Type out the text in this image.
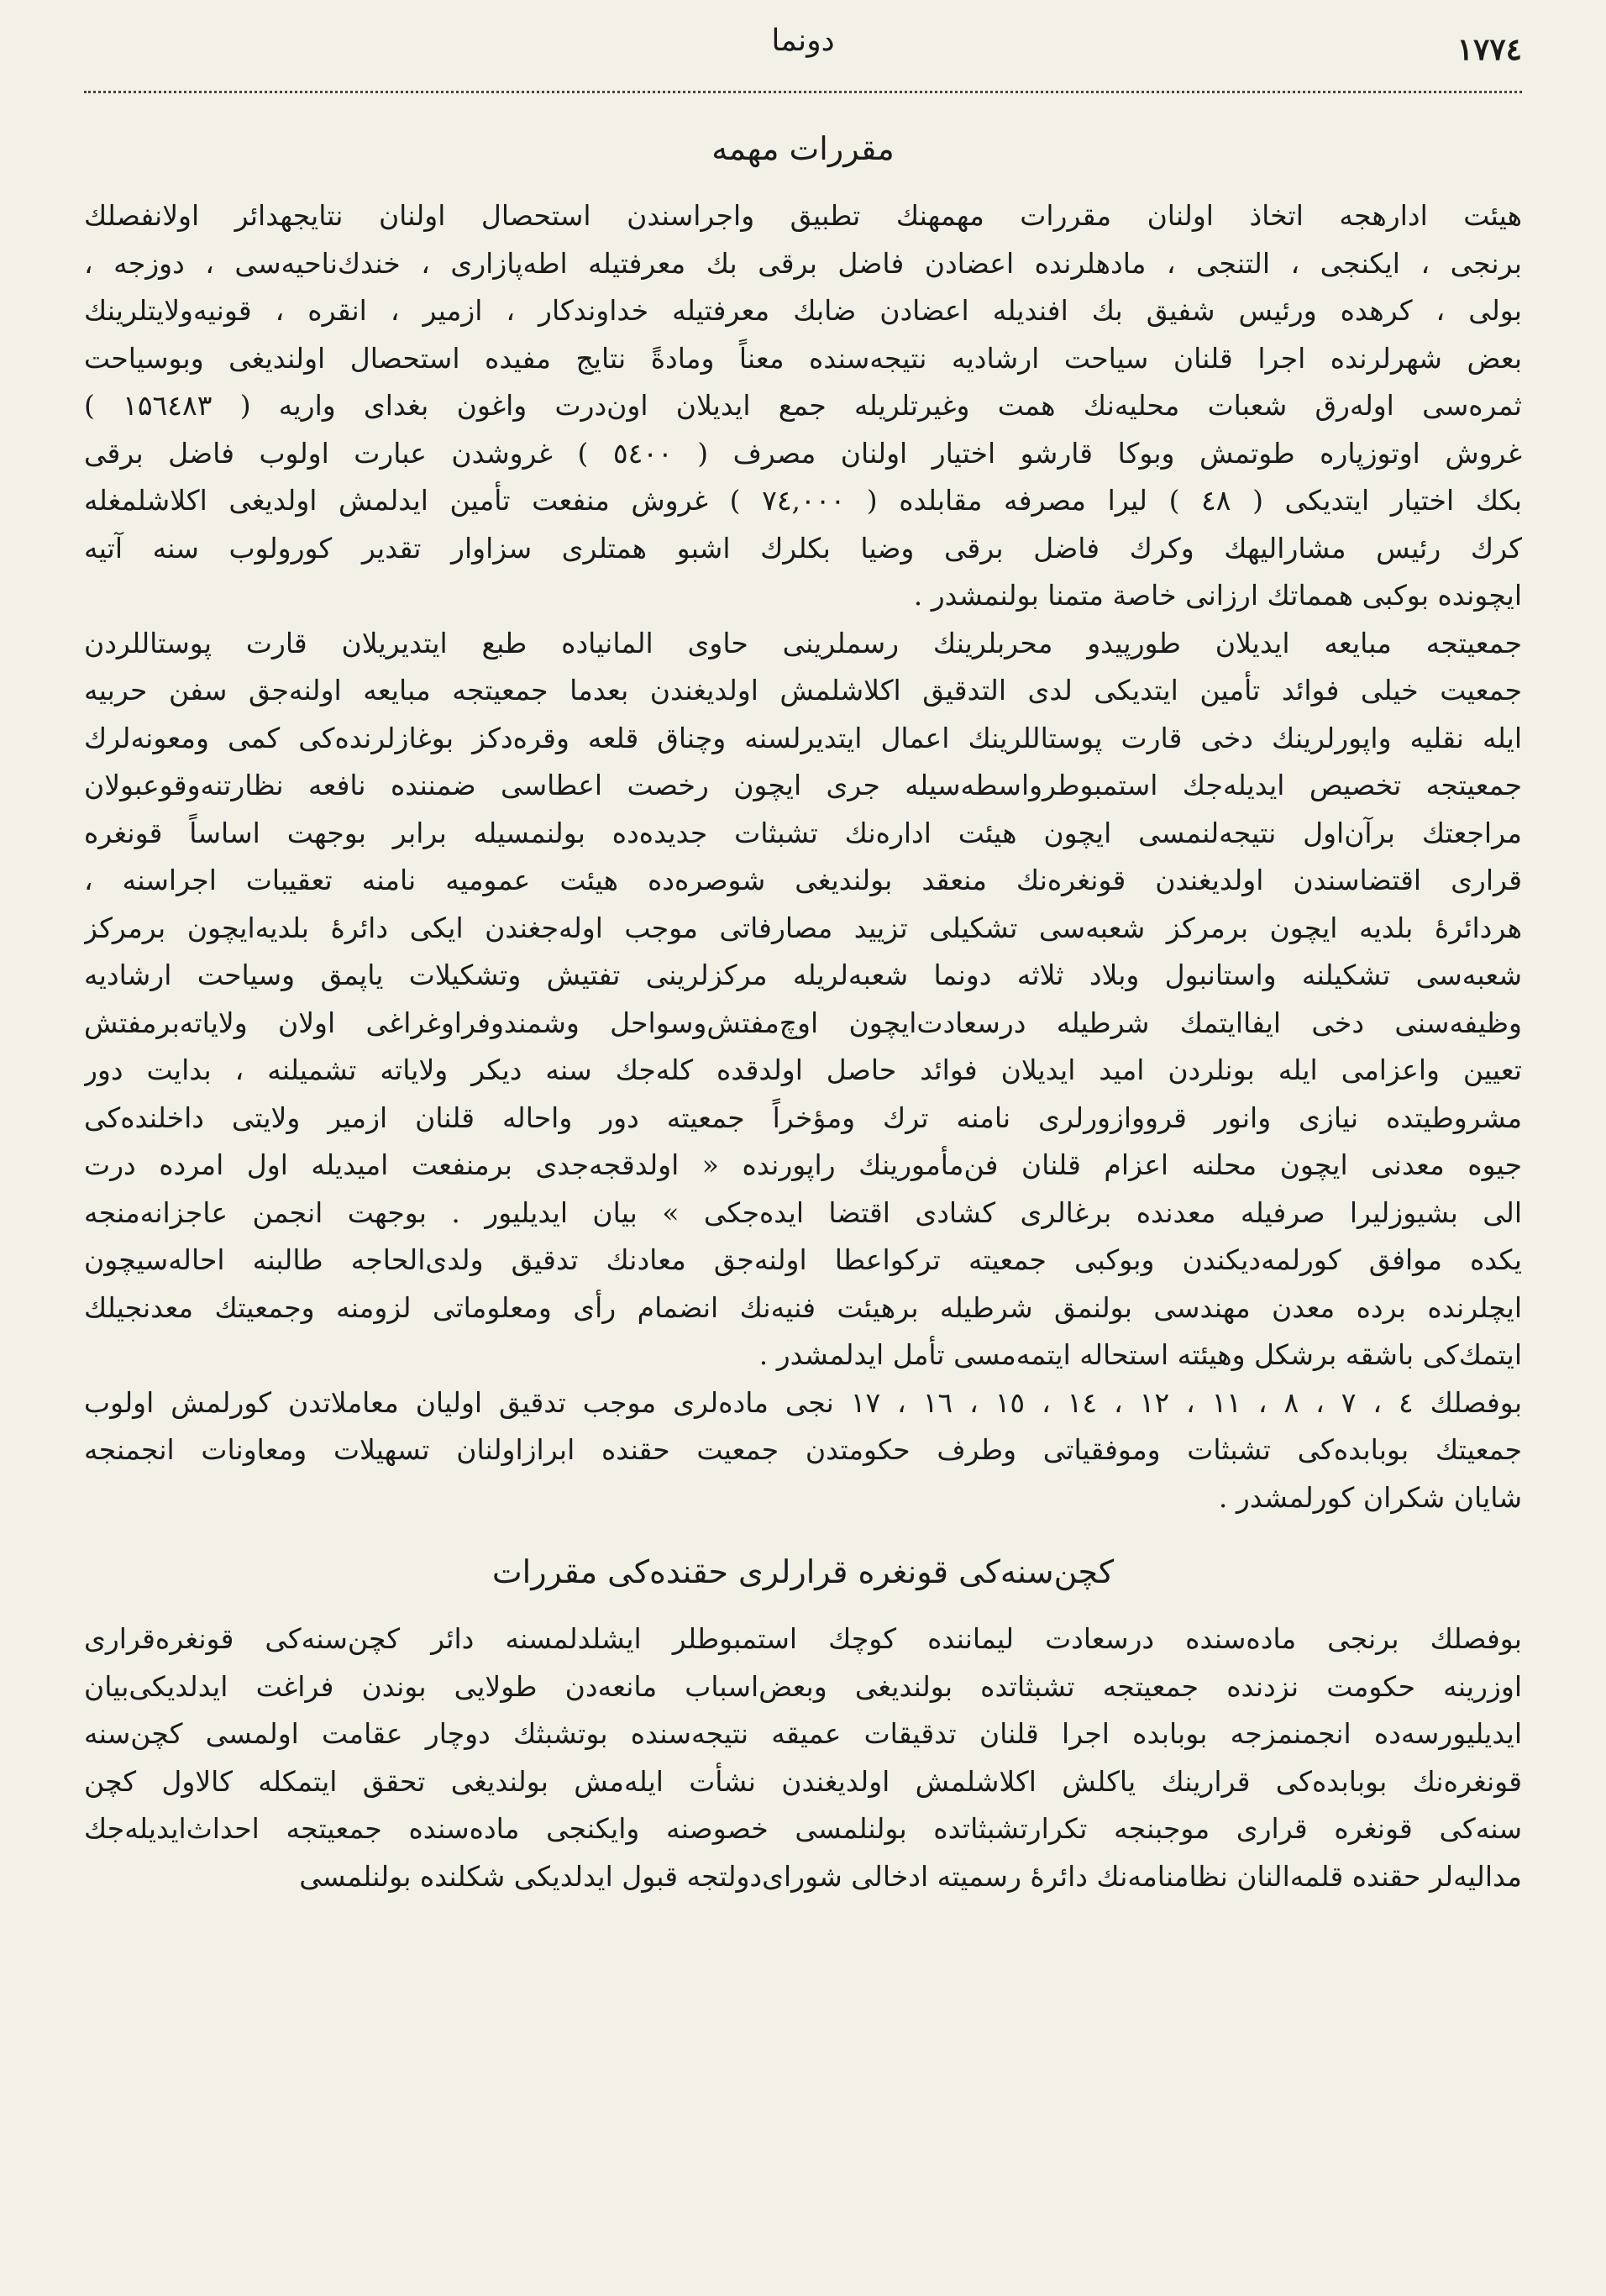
۱۷۷٤
دونما
مقررات مهمه
هیئت ادارهجه اتخاذ اولنان مقررات مهمهنك تطبیق واجراسندن استحصال اولنان نتایجهدائر اولانفصلك
برنجی ، ایكنجی ، التنجی ، مادهلرنده اعضادن فاضل برقی بك معرفتیله اطه‌پازاری ، خندك‌ناحیه‌سی ، دوزجه ،
بولی ، كرهده ورئیس شفیق بك افندیله اعضادن ضابك معرفتیله خداوندكار ، ازمیر ، انقره ، قونیه‌ولایتلرینك
بعض شهرلرنده اجرا قلنان سیاحت ارشادیه نتیجه‌سنده معناً ومادةً نتایج مفیده استحصال اولندیغی وبوسیاحت
ثمره‌سی اوله‌رق شعبات محلیه‌نك همت وغیرتلریله جمع ایدیلان اون‌درت واغون بغدای واریه ( ۱۵٦٤۸۳ )
غروش اوتوزپاره طوتمش وبوكا قارشو اختیار اولنان مصرف ( ٥٤۰۰ ) غروشدن عبارت اولوب فاضل برقی
بكك اختیار ایتدیكی ( ٤۸ ) لیرا مصرفه مقابلده ( ۷٤,۰۰۰ ) غروش منفعت تأمین ایدلمش اولدیغی اكلاشلمغله
كرك رئیس مشارالیهك وكرك فاضل برقی وضیا بكلرك اشبو همتلری سزاوار تقدیر كورولوب سنه آتیه
ایچونده بوكبی همماتك ارزانی خاصة متمنا بولنمشدر .
جمعیتجه مبایعه ایدیلان طورپیدو محربلرینك رسملرینی حاوی المانیاده طبع ایتدیریلان قارت پوستاللردن
جمعیت خیلی فوائد تأمین ایتدیكی لدی التدقیق اكلاشلمش اولدیغندن بعدما جمعیتجه مبایعه اولنه‌جق سفن حربیه
ایله نقلیه واپورلرینك دخی قارت پوستاللرینك اعمال ایتدیرلسنه وچناق قلعه وقره‌دكز بوغازلرنده‌كی كمی ومعونه‌لرك
جمعیتجه تخصیص ایدیله‌جك استمبوطرواسطه‌سیله جری ایچون رخصت اعطاسی ضمننده نافعه نظارتنه‌وقوعبولان
مراجعتك برآن‌اول نتیجه‌لنمسی ایچون هیئت اداره‌نك تشبثات جدیده‌ده بولنمسیله برابر بوجهت اساساً قونغره
قراری اقتضاسندن اولدیغندن قونغره‌نك منعقد بولندیغی شوصره‌ده هیئت عمومیه نامنه تعقیبات اجراسنه ،
هردائرهٔ بلدیه ایچون برمركز شعبه‌سی تشكیلی تزیید مصارفاتی موجب اوله‌جغندن ایكی دائرهٔ بلدیه‌ایچون برمركز
شعبه‌سی تشكیلنه واستانبول وبلاد ثلاثه دونما شعبه‌لریله مركزلرینی تفتیش وتشكیلات یاپمق وسیاحت ارشادیه
وظیفه‌سنی دخی ایفاایتمك شرطیله درسعادت‌ایچون اوچ‌مفتش‌وسواحل وشمندوفراوغراغی اولان ولایاته‌برمفتش
تعیین واعزامی ایله بونلردن امید ایدیلان فوائد حاصل اولدقده كله‌جك سنه دیكر ولایاته تشمیلنه ، بدایت دور
مشروطیتده نیازی وانور قرووازورلری نامنه ترك ومؤخراً جمعیته دور واحاله قلنان ازمیر ولایتی داخلنده‌كی
جیوه معدنی ایچون محلنه اعزام قلنان فن‌مأمورینك راپورنده « اولدقجه‌جدی برمنفعت امیدیله اول امرده درت
الی بشیوزلیرا صرفیله معدنده برغالری كشادی اقتضا ایده‌جكی » بیان ایدیلیور . بوجهت انجمن عاجزانه‌منجه
یكده موافق كورلمه‌دیكندن وبوكبی جمعیته تركواعطا اولنه‌جق معادنك تدقیق ولدی‌الحاجه طالبنه احاله‌سیچون
ایچلرنده برده معدن مهندسی بولنمق شرطیله برهیئت فنیه‌نك انضمام رأی ومعلوماتی لزومنه وجمعیتك معدنجیلك
ایتمك‌كی باشقه برشكل وهیئته استحاله ایتمه‌مسی تأمل ایدلمشدر .
بوفصلك ٤ ، ۷ ، ۸ ، ۱۱ ، ۱۲ ، ۱٤ ، ۱٥ ، ۱٦ ، ۱۷ نجی ماده‌لری موجب تدقیق اولیان معاملاتدن كورلمش اولوب
جمعیتك بوبابده‌كی تشبثات وموفقیاتی وطرف حكومتدن جمعیت حقنده ابرازاولنان تسهیلات ومعاونات انجمنجه
شایان شكران كورلمشدر .
كچن‌سنه‌كی قونغره قرارلری حقنده‌كی مقررات
بوفصلك برنجی ماده‌سنده درسعادت لیماننده كوچك استمبوطلر ایشلدلمسنه دائر كچن‌سنه‌كی قونغره‌قراری
اوزرینه حكومت نزدنده جمعیتجه تشبثاتده بولندیغی وبعض‌اسباب مانعه‌دن طولایی بوندن فراغت ایدلدیكی‌بیان
ایدیلیورسه‌ده انجمنمزجه بوبابده اجرا قلنان تدقیقات عمیقه نتیجه‌سنده بوتشبثك دوچار عقامت اولمسی كچن‌سنه
قونغره‌نك بوبابده‌كی قرارینك یاكلش اكلاشلمش اولدیغندن نشأت ایله‌مش بولندیغی تحقق ایتمكله كالاول كچن
سنه‌كی قونغره قراری موجبنجه تكرارتشبثاتده بولنلمسی خصوصنه وایكنجی ماده‌سنده جمعیتجه احداث‌ایدیله‌جك
مدالیه‌لر حقنده قلمه‌النان نظامنامه‌نك دائرهٔ رسمیته ادخالی شورای‌دولتجه قبول ایدلدیكی شكلنده بولنلمسی
